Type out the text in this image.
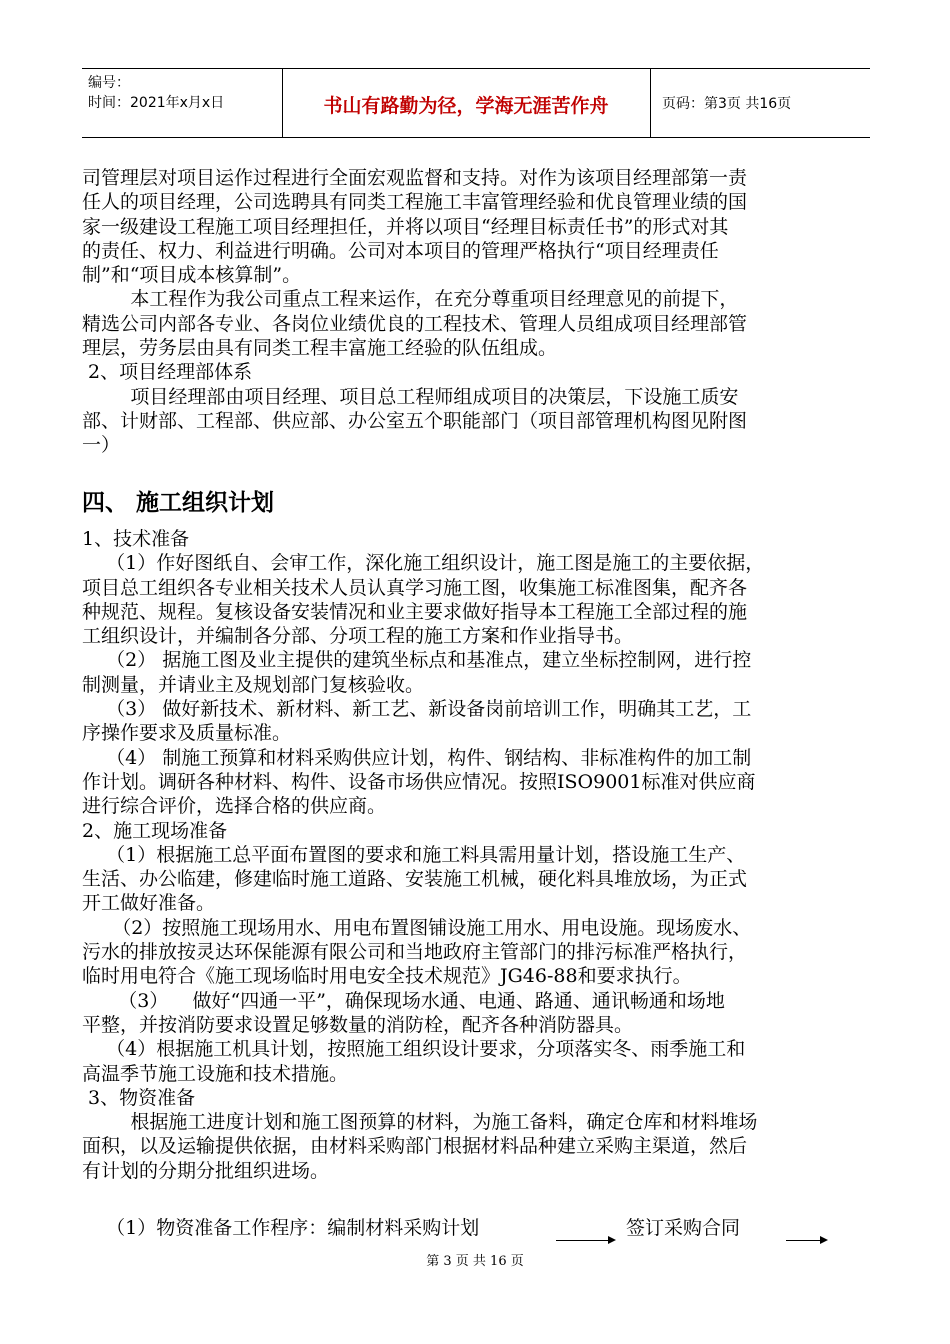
编号：
时间：2021年x月x日	书山有路勤为径，学海无涯苦作舟	页码：第3页 共16页
司管理层对项目运作过程进行全面宏观监督和支持。对作为该项目经理部第一责
任人的项目经理，公司选聘具有同类工程施工丰富管理经验和优良管理业绩的国
家一级建设工程施工项目经理担任，并将以项目“经理目标责任书”的形式对其
的责任、权力、利益进行明确。公司对本项目的管理严格执行“项目经理责任
制”和“项目成本核算制”。
本工程作为我公司重点工程来运作，在充分尊重项目经理意见的前提下，
精选公司内部各专业、各岗位业绩优良的工程技术、管理人员组成项目经理部管
理层，劳务层由具有同类工程丰富施工经验的队伍组成。
2、项目经理部体系
项目经理部由项目经理、项目总工程师组成项目的决策层，下设施工质安
部、计财部、工程部、供应部、办公室五个职能部门（项目部管理机构图见附图
一）
四、 施工组织计划
1、技术准备
（1）作好图纸自、会审工作，深化施工组织设计，施工图是施工的主要依据，
项目总工组织各专业相关技术人员认真学习施工图，收集施工标准图集，配齐各
种规范、规程。复核设备安装情况和业主要求做好指导本工程施工全部过程的施
工组织设计，并编制各分部、分项工程的施工方案和作业指导书。
（2） 据施工图及业主提供的建筑坐标点和基准点，建立坐标控制网，进行控
制测量，并请业主及规划部门复核验收。
（3） 做好新技术、新材料、新工艺、新设备岗前培训工作，明确其工艺，工
序操作要求及质量标准。
（4） 制施工预算和材料采购供应计划，构件、钢结构、非标准构件的加工制
作计划。调研各种材料、构件、设备市场供应情况。按照ISO9001标准对供应商
进行综合评价，选择合格的供应商。
2、施工现场准备
（1）根据施工总平面布置图的要求和施工料具需用量计划，搭设施工生产、
生活、办公临建，修建临时施工道路、安装施工机械，硬化料具堆放场，为正式
开工做好准备。
（2）按照施工现场用水、用电布置图铺设施工用水、用电设施。现场废水、
污水的排放按灵达环保能源有限公司和当地政府主管部门的排污标准严格执行，
临时用电符合《施工现场临时用电安全技术规范》JG46-88和要求执行。
（3）    做好“四通一平”，确保现场水通、电通、路通、通讯畅通和场地
平整，并按消防要求设置足够数量的消防栓，配齐各种消防器具。
（4）根据施工机具计划，按照施工组织设计要求，分项落实冬、雨季施工和
高温季节施工设施和技术措施。
3、物资准备
根据施工进度计划和施工图预算的材料，为施工备料，确定仓库和材料堆场
面积，以及运输提供依据，由材料采购部门根据材料品种建立采购主渠道，然后
有计划的分期分批组织进场。
（1）物资准备工作程序：编制材料采购计划	签订采购合同
第 3 页 共 16 页
